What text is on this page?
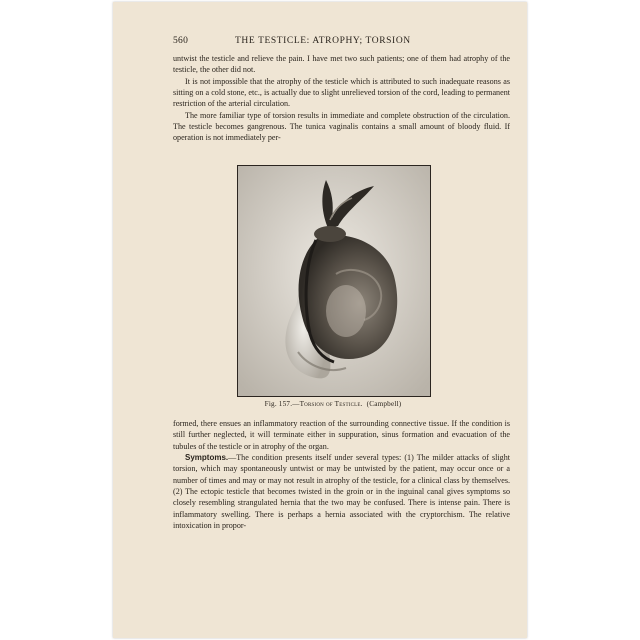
560	THE TESTICLE: ATROPHY; TORSION

untwist the testicle and relieve the pain. I have met two such patients; one of them had atrophy of the testicle, the other did not.

It is not impossible that the atrophy of the testicle which is attributed to such inadequate reasons as sitting on a cold stone, etc., is actually due to slight unrelieved torsion of the cord, leading to permanent restriction of the arterial circulation.

The more familiar type of torsion results in immediate and complete obstruction of the circulation. The testicle becomes gangrenous. The tunica vaginalis contains a small amount of bloody fluid. If operation is not immediately per-

Fig. 157.—Torsion of Testicle. (Campbell)

formed, there ensues an inflammatory reaction of the surrounding connective tissue. If the condition is still further neglected, it will terminate either in suppuration, sinus formation and evacuation of the tubules of the testicle or in atrophy of the organ.

Symptoms.—The condition presents itself under several types: (1) The milder attacks of slight torsion, which may spontaneously untwist or may be untwisted by the patient, may occur once or a number of times and may or may not result in atrophy of the testicle, for a clinical class by themselves. (2) The ectopic testicle that becomes twisted in the groin or in the inguinal canal gives symptoms so closely resembling strangulated hernia that the two may be confused. There is intense pain. There is inflammatory swelling. There is perhaps a hernia associated with the cryptorchism. The relative intoxication in propor-
